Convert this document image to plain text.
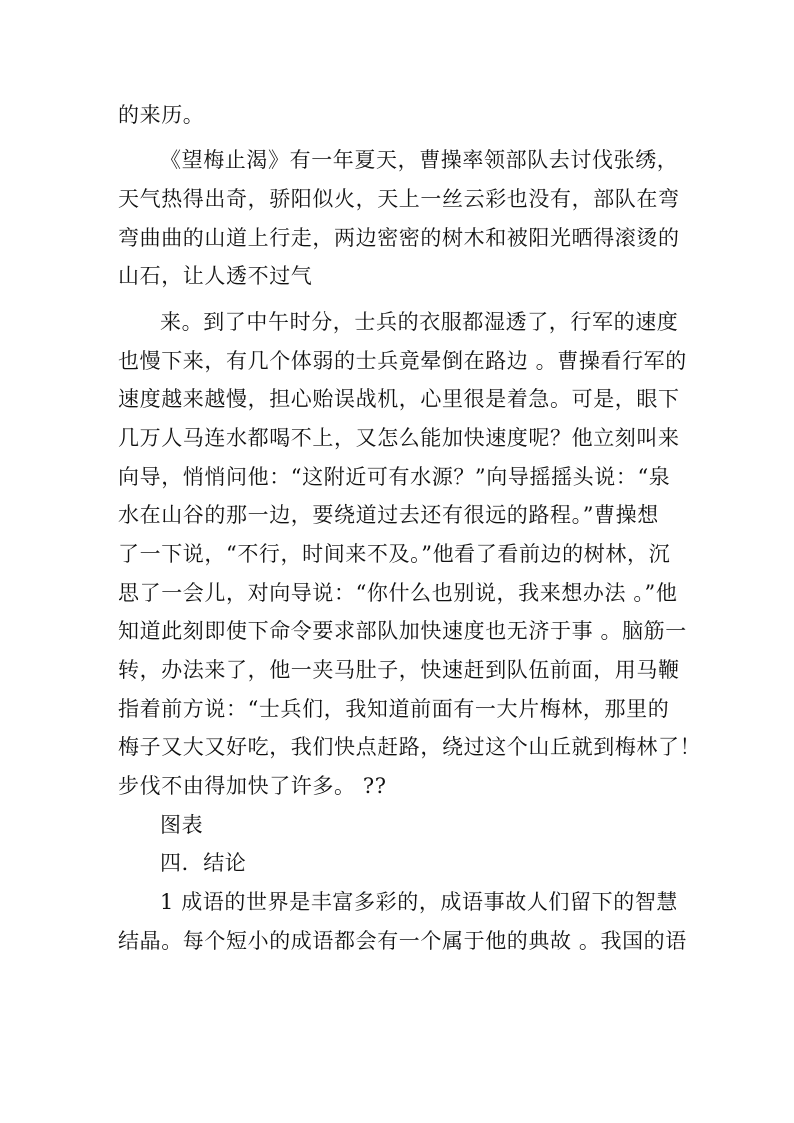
的来历。
《望梅止渴》有一年夏天，曹操率领部队去讨伐张绣，
天气热得出奇，骄阳似火，天上一丝云彩也没有，部队在弯
弯曲曲的山道上行走，两边密密的树木和被阳光晒得滚烫的
山石，让人透不过气
来。到了中午时分，士兵的衣服都湿透了，行军的速度
也慢下来，有几个体弱的士兵竟晕倒在路边 。曹操看行军的
速度越来越慢，担心贻误战机，心里很是着急。可是，眼下
几万人马连水都喝不上，又怎么能加快速度呢？他立刻叫来
向导，悄悄问他：“这附近可有水源？”向导摇摇头说：“泉
水在山谷的那一边，要绕道过去还有很远的路程。”曹操想
了一下说，“不行，时间来不及。”他看了看前边的树林，沉
思了一会儿，对向导说：“你什么也别说，我来想办法 。”他
知道此刻即使下命令要求部队加快速度也无济于事 。脑筋一
转，办法来了，他一夹马肚子，快速赶到队伍前面，用马鞭
指着前方说：“士兵们，我知道前面有一大片梅林，那里的
梅子又大又好吃，我们快点赶路，绕过这个山丘就到梅林了！
步伐不由得加快了许多。 ??
图表
四．结论
1 成语的世界是丰富多彩的，成语事故人们留下的智慧
结晶。每个短小的成语都会有一个属于他的典故 。我国的语
